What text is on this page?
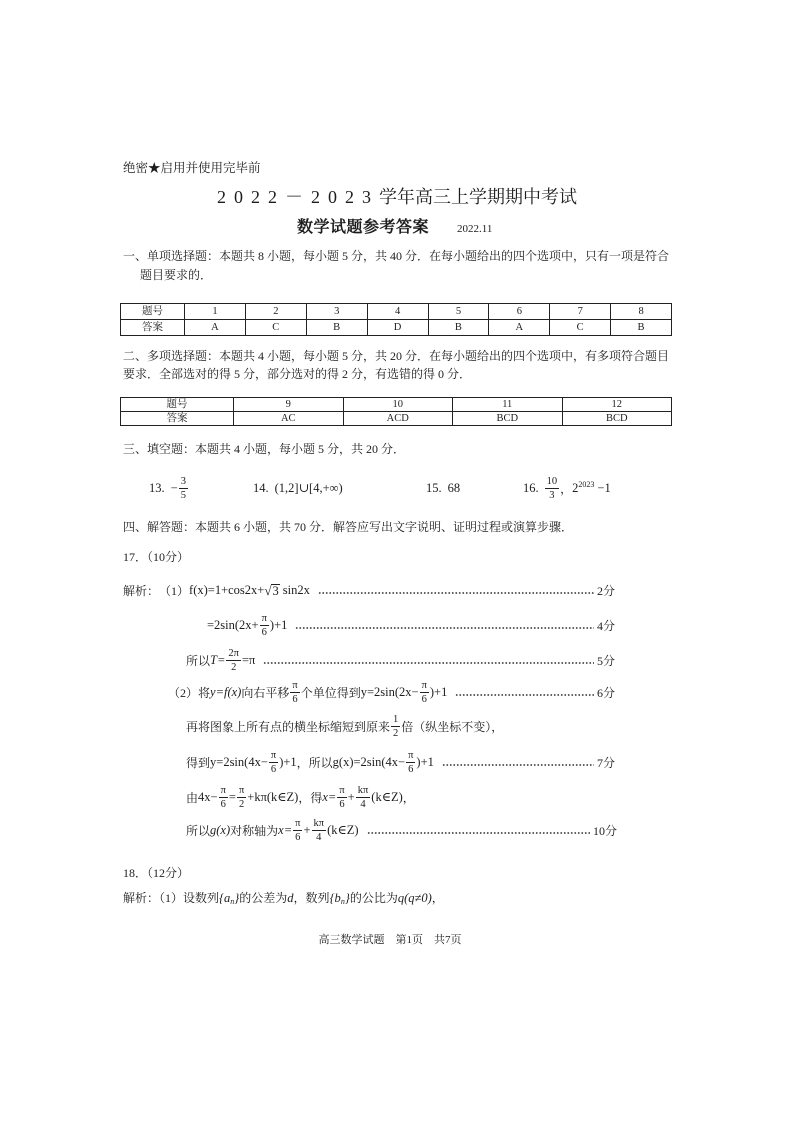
绝密★启用并使用完毕前
2022－2023学年高三上学期期中考试
数学试题参考答案	2022.11
一、单项选择题：本题共 8 小题，每小题 5 分，共 40 分．在每小题给出的四个选项中，只有一项是符合题目要求的．
题号	1	2	3	4	5	6	7	8
答案	A	C	B	D	B	A	C	B
二、多项选择题：本题共 4 小题，每小题 5 分，共 20 分．在每小题给出的四个选项中，有多项符合题目要求．全部选对的得 5 分，部分选对的得 2 分，有选错的得 0 分．
题号	9	10	11	12
答案	AC	ACD	BCD	BCD
三、填空题：本题共 4 小题，每小题 5 分，共 20 分．
13. − $\frac{3}{5}$	14. (1,2]∪[4,+∞)	15. 68	16. $\frac{10}{3}$ ， $2^{2023} -1$
四、解答题：本题共 6 小题，共 70 分．解答应写出文字说明、证明过程或演算步骤．
17．（10分）
解析： （1） f(x)=1+cos2x+ √ 3 sin2x	2分
$=2\sin(2x+ \frac{\pi}{6} )+1$	4分
所以 $T= \frac{2\pi}{2} =\pi$	5分
（2）将 y=f(x) 向右平移 $\frac{\pi}{6}$ 个单位得到 $y=2\sin(2x- \frac{\pi}{6} )+1$	6分
再将图象上所有点的横坐标缩短到原来 $\frac{1}{2}$ 倍（纵坐标不变），
得到 $y=2\sin(4x- \frac{\pi}{6} )+1$ ，所以 $g(x)=2\sin(4x- \frac{\pi}{6} )+1$	7分
由 $4x- \frac{\pi}{6} = \frac{\pi}{2}$ +kπ(k∈Z) ，得 $x= \frac{\pi}{6} + \frac{k\pi}{4}$ (k∈Z) ，
所以 g(x) 对称轴为 $x= \frac{\pi}{6} + \frac{k\pi}{4}$ (k∈Z)	10分
18．（12分）
解析：（1）设数列$\{a_n\}$的公差为d，数列$\{b_n\}$的公比为q(q≠0)，
高三数学试题　第1页　共7页
